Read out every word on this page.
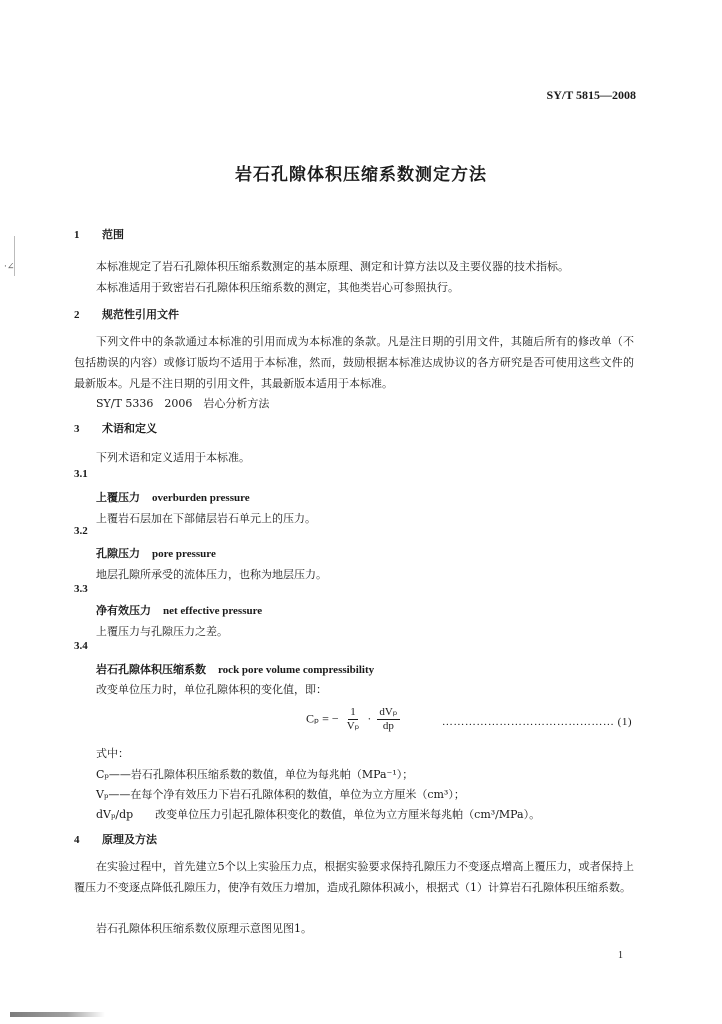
·∠
SY/T 5815—2008
岩石孔隙体积压缩系数测定方法
1 范围
本标准规定了岩石孔隙体积压缩系数测定的基本原理、测定和计算方法以及主要仪器的技术指标。
本标准适用于致密岩石孔隙体积压缩系数的测定，其他类岩心可参照执行。
2 规范性引用文件
下列文件中的条款通过本标准的引用而成为本标准的条款。凡是注日期的引用文件，其随后所有的修改单（不包括勘误的内容）或修订版均不适用于本标准，然而，鼓励根据本标准达成协议的各方研究是否可使用这些文件的最新版本。凡是不注日期的引用文件，其最新版本适用于本标准。
SY/T 5336　2006　岩心分析方法
3 术语和定义
下列术语和定义适用于本标准。
3.1
上覆压力 overburden pressure
上覆岩石层加在下部储层岩石单元上的压力。
3.2
孔隙压力 pore pressure
地层孔隙所承受的流体压力，也称为地层压力。
3.3
净有效压力 net effective pressure
上覆压力与孔隙压力之差。
3.4
岩石孔隙体积压缩系数 rock pore volume compressibility
改变单位压力时，单位孔隙体积的变化值，即：
Cₚ = − $\frac{1}{\text{Vₚ}} \cdot \frac{\text{dVₚ}}{dp}$	……………………………………… (1)
式中：
Cₚ——岩石孔隙体积压缩系数的数值，单位为每兆帕（MPa⁻¹）；
Vₚ——在每个净有效压力下岩石孔隙体积的数值，单位为立方厘米（cm³）；
dVₚ/dp　　改变单位压力引起孔隙体积变化的数值，单位为立方厘米每兆帕（cm³/MPa）。
4 原理及方法
在实验过程中，首先建立5个以上实验压力点，根据实验要求保持孔隙压力不变逐点增高上覆压力，或者保持上覆压力不变逐点降低孔隙压力，使净有效压力增加，造成孔隙体积减小，根据式（1）计算岩石孔隙体积压缩系数。
岩石孔隙体积压缩系数仪原理示意图见图1。
1
